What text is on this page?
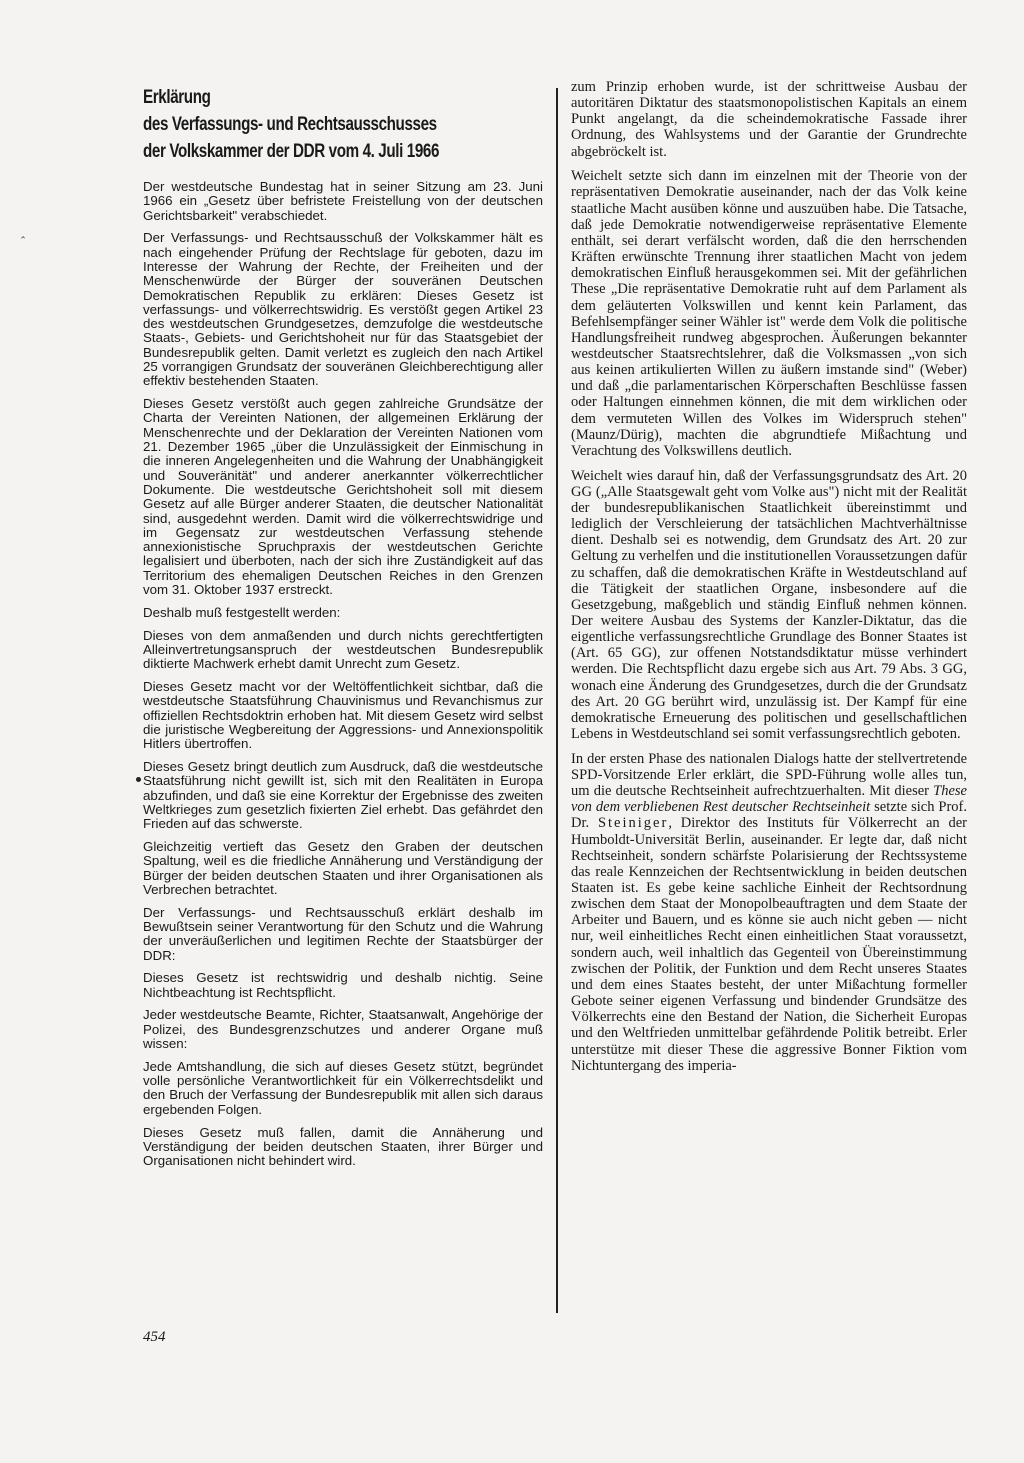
ꞈ
Erklärung
des Verfassungs- und Rechtsausschusses
der Volkskammer der DDR vom 4. Juli 1966

Der westdeutsche Bundestag hat in seiner Sitzung am 23. Juni 1966 ein „Gesetz über befristete Freistellung von der deutschen Gerichtsbarkeit" verabschiedet.

Der Verfassungs- und Rechtsausschuß der Volkskammer hält es nach eingehender Prüfung der Rechtslage für geboten, dazu im Interesse der Wahrung der Rechte, der Freiheiten und der Menschenwürde der Bürger der souveränen Deutschen Demokratischen Republik zu erklären: Dieses Gesetz ist verfassungs- und völkerrechtswidrig. Es verstößt gegen Artikel 23 des westdeutschen Grundgesetzes, demzufolge die westdeutsche Staats-, Gebiets- und Gerichtshoheit nur für das Staatsgebiet der Bundesrepublik gelten. Damit verletzt es zugleich den nach Artikel 25 vorrangigen Grundsatz der souveränen Gleichberechtigung aller effektiv bestehenden Staaten.

Dieses Gesetz verstößt auch gegen zahlreiche Grundsätze der Charta der Vereinten Nationen, der allgemeinen Erklärung der Menschenrechte und der Deklaration der Vereinten Nationen vom 21. Dezember 1965 „über die Unzulässigkeit der Einmischung in die inneren Angelegenheiten und die Wahrung der Unabhängigkeit und Souveränität" und anderer anerkannter völkerrechtlicher Dokumente. Die westdeutsche Gerichtshoheit soll mit diesem Gesetz auf alle Bürger anderer Staaten, die deutscher Nationalität sind, ausgedehnt werden. Damit wird die völkerrechtswidrige und im Gegensatz zur westdeutschen Verfassung stehende annexionistische Spruchpraxis der westdeutschen Gerichte legalisiert und überboten, nach der sich ihre Zuständigkeit auf das Territorium des ehemaligen Deutschen Reiches in den Grenzen vom 31. Oktober 1937 erstreckt.

Deshalb muß festgestellt werden:

Dieses von dem anmaßenden und durch nichts gerechtfertigten Alleinvertretungsanspruch der westdeutschen Bundesrepublik diktierte Machwerk erhebt damit Unrecht zum Gesetz.

Dieses Gesetz macht vor der Weltöffentlichkeit sichtbar, daß die westdeutsche Staatsführung Chauvinismus und Revanchismus zur offiziellen Rechtsdoktrin erhoben hat. Mit diesem Gesetz wird selbst die juristische Wegbereitung der Aggressions- und Annexionspolitik Hitlers übertroffen.

Dieses Gesetz bringt deutlich zum Ausdruck, daß die westdeutsche Staatsführung nicht gewillt ist, sich mit den Realitäten in Europa abzufinden, und daß sie eine Korrektur der Ergebnisse des zweiten Weltkrieges zum gesetzlich fixierten Ziel erhebt. Das gefährdet den Frieden auf das schwerste.

Gleichzeitig vertieft das Gesetz den Graben der deutschen Spaltung, weil es die friedliche Annäherung und Verständigung der Bürger der beiden deutschen Staaten und ihrer Organisationen als Verbrechen betrachtet.

Der Verfassungs- und Rechtsausschuß erklärt deshalb im Bewußtsein seiner Verantwortung für den Schutz und die Wahrung der unveräußerlichen und legitimen Rechte der Staatsbürger der DDR:

Dieses Gesetz ist rechtswidrig und deshalb nichtig. Seine Nichtbeachtung ist Rechtspflicht.

Jeder westdeutsche Beamte, Richter, Staatsanwalt, Angehörige der Polizei, des Bundesgrenzschutzes und anderer Organe muß wissen:

Jede Amtshandlung, die sich auf dieses Gesetz stützt, begründet volle persönliche Verantwortlichkeit für ein Völkerrechtsdelikt und den Bruch der Verfassung der Bundesrepublik mit allen sich daraus ergebenden Folgen.

Dieses Gesetz muß fallen, damit die Annäherung und Verständigung der beiden deutschen Staaten, ihrer Bürger und Organisationen nicht behindert wird.

zum Prinzip erhoben wurde, ist der schrittweise Ausbau der autoritären Diktatur des staatsmonopolistischen Kapitals an einem Punkt angelangt, da die scheindemokratische Fassade ihrer Ordnung, des Wahlsystems und der Garantie der Grundrechte abgebröckelt ist.

Weichelt setzte sich dann im einzelnen mit der Theorie von der repräsentativen Demokratie auseinander, nach der das Volk keine staatliche Macht ausüben könne und auszuüben habe. Die Tatsache, daß jede Demokratie notwendigerweise repräsentative Elemente enthält, sei derart verfälscht worden, daß die den herrschenden Kräften erwünschte Trennung ihrer staatlichen Macht von jedem demokratischen Einfluß herausgekommen sei. Mit der gefährlichen These „Die repräsentative Demokratie ruht auf dem Parlament als dem geläuterten Volkswillen und kennt kein Parlament, das Befehlsempfänger seiner Wähler ist" werde dem Volk die politische Handlungsfreiheit rundweg abgesprochen. Äußerungen bekannter westdeutscher Staatsrechtslehrer, daß die Volksmassen „von sich aus keinen artikulierten Willen zu äußern imstande sind" (Weber) und daß „die parlamentarischen Körperschaften Beschlüsse fassen oder Haltungen einnehmen können, die mit dem wirklichen oder dem vermuteten Willen des Volkes im Widerspruch stehen" (Maunz/Dürig), machten die abgrundtiefe Mißachtung und Verachtung des Volkswillens deutlich.

Weichelt wies darauf hin, daß der Verfassungsgrundsatz des Art. 20 GG („Alle Staatsgewalt geht vom Volke aus") nicht mit der Realität der bundesrepublikanischen Staatlichkeit übereinstimmt und lediglich der Verschleierung der tatsächlichen Machtverhältnisse dient. Deshalb sei es notwendig, dem Grundsatz des Art. 20 zur Geltung zu verhelfen und die institutionellen Voraussetzungen dafür zu schaffen, daß die demokratischen Kräfte in Westdeutschland auf die Tätigkeit der staatlichen Organe, insbesondere auf die Gesetzgebung, maßgeblich und ständig Einfluß nehmen können. Der weitere Ausbau des Systems der Kanzler-Diktatur, das die eigentliche verfassungsrechtliche Grundlage des Bonner Staates ist (Art. 65 GG), zur offenen Notstandsdiktatur müsse verhindert werden. Die Rechtspflicht dazu ergebe sich aus Art. 79 Abs. 3 GG, wonach eine Änderung des Grundgesetzes, durch die der Grundsatz des Art. 20 GG berührt wird, unzulässig ist. Der Kampf für eine demokratische Erneuerung des politischen und gesellschaftlichen Lebens in Westdeutschland sei somit verfassungsrechtlich geboten.

In der ersten Phase des nationalen Dialogs hatte der stellvertretende SPD-Vorsitzende Erler erklärt, die SPD-Führung wolle alles tun, um die deutsche Rechtseinheit aufrechtzuerhalten. Mit dieser These von dem verbliebenen Rest deutscher Rechtseinheit setzte sich Prof. Dr. Steiniger, Direktor des Instituts für Völkerrecht an der Humboldt-Universität Berlin, auseinander. Er legte dar, daß nicht Rechtseinheit, sondern schärfste Polarisierung der Rechtssysteme das reale Kennzeichen der Rechtsentwicklung in beiden deutschen Staaten ist. Es gebe keine sachliche Einheit der Rechtsordnung zwischen dem Staat der Monopolbeauftragten und dem Staate der Arbeiter und Bauern, und es könne sie auch nicht geben — nicht nur, weil einheitliches Recht einen einheitlichen Staat voraussetzt, sondern auch, weil inhaltlich das Gegenteil von Übereinstimmung zwischen der Politik, der Funktion und dem Recht unseres Staates und dem eines Staates besteht, der unter Mißachtung formeller Gebote seiner eigenen Verfassung und bindender Grundsätze des Völkerrechts eine den Bestand der Nation, die Sicherheit Europas und den Weltfrieden unmittelbar gefährdende Politik betreibt. Erler unterstütze mit dieser These die aggressive Bonner Fiktion vom Nichtuntergang des imperia-

454
